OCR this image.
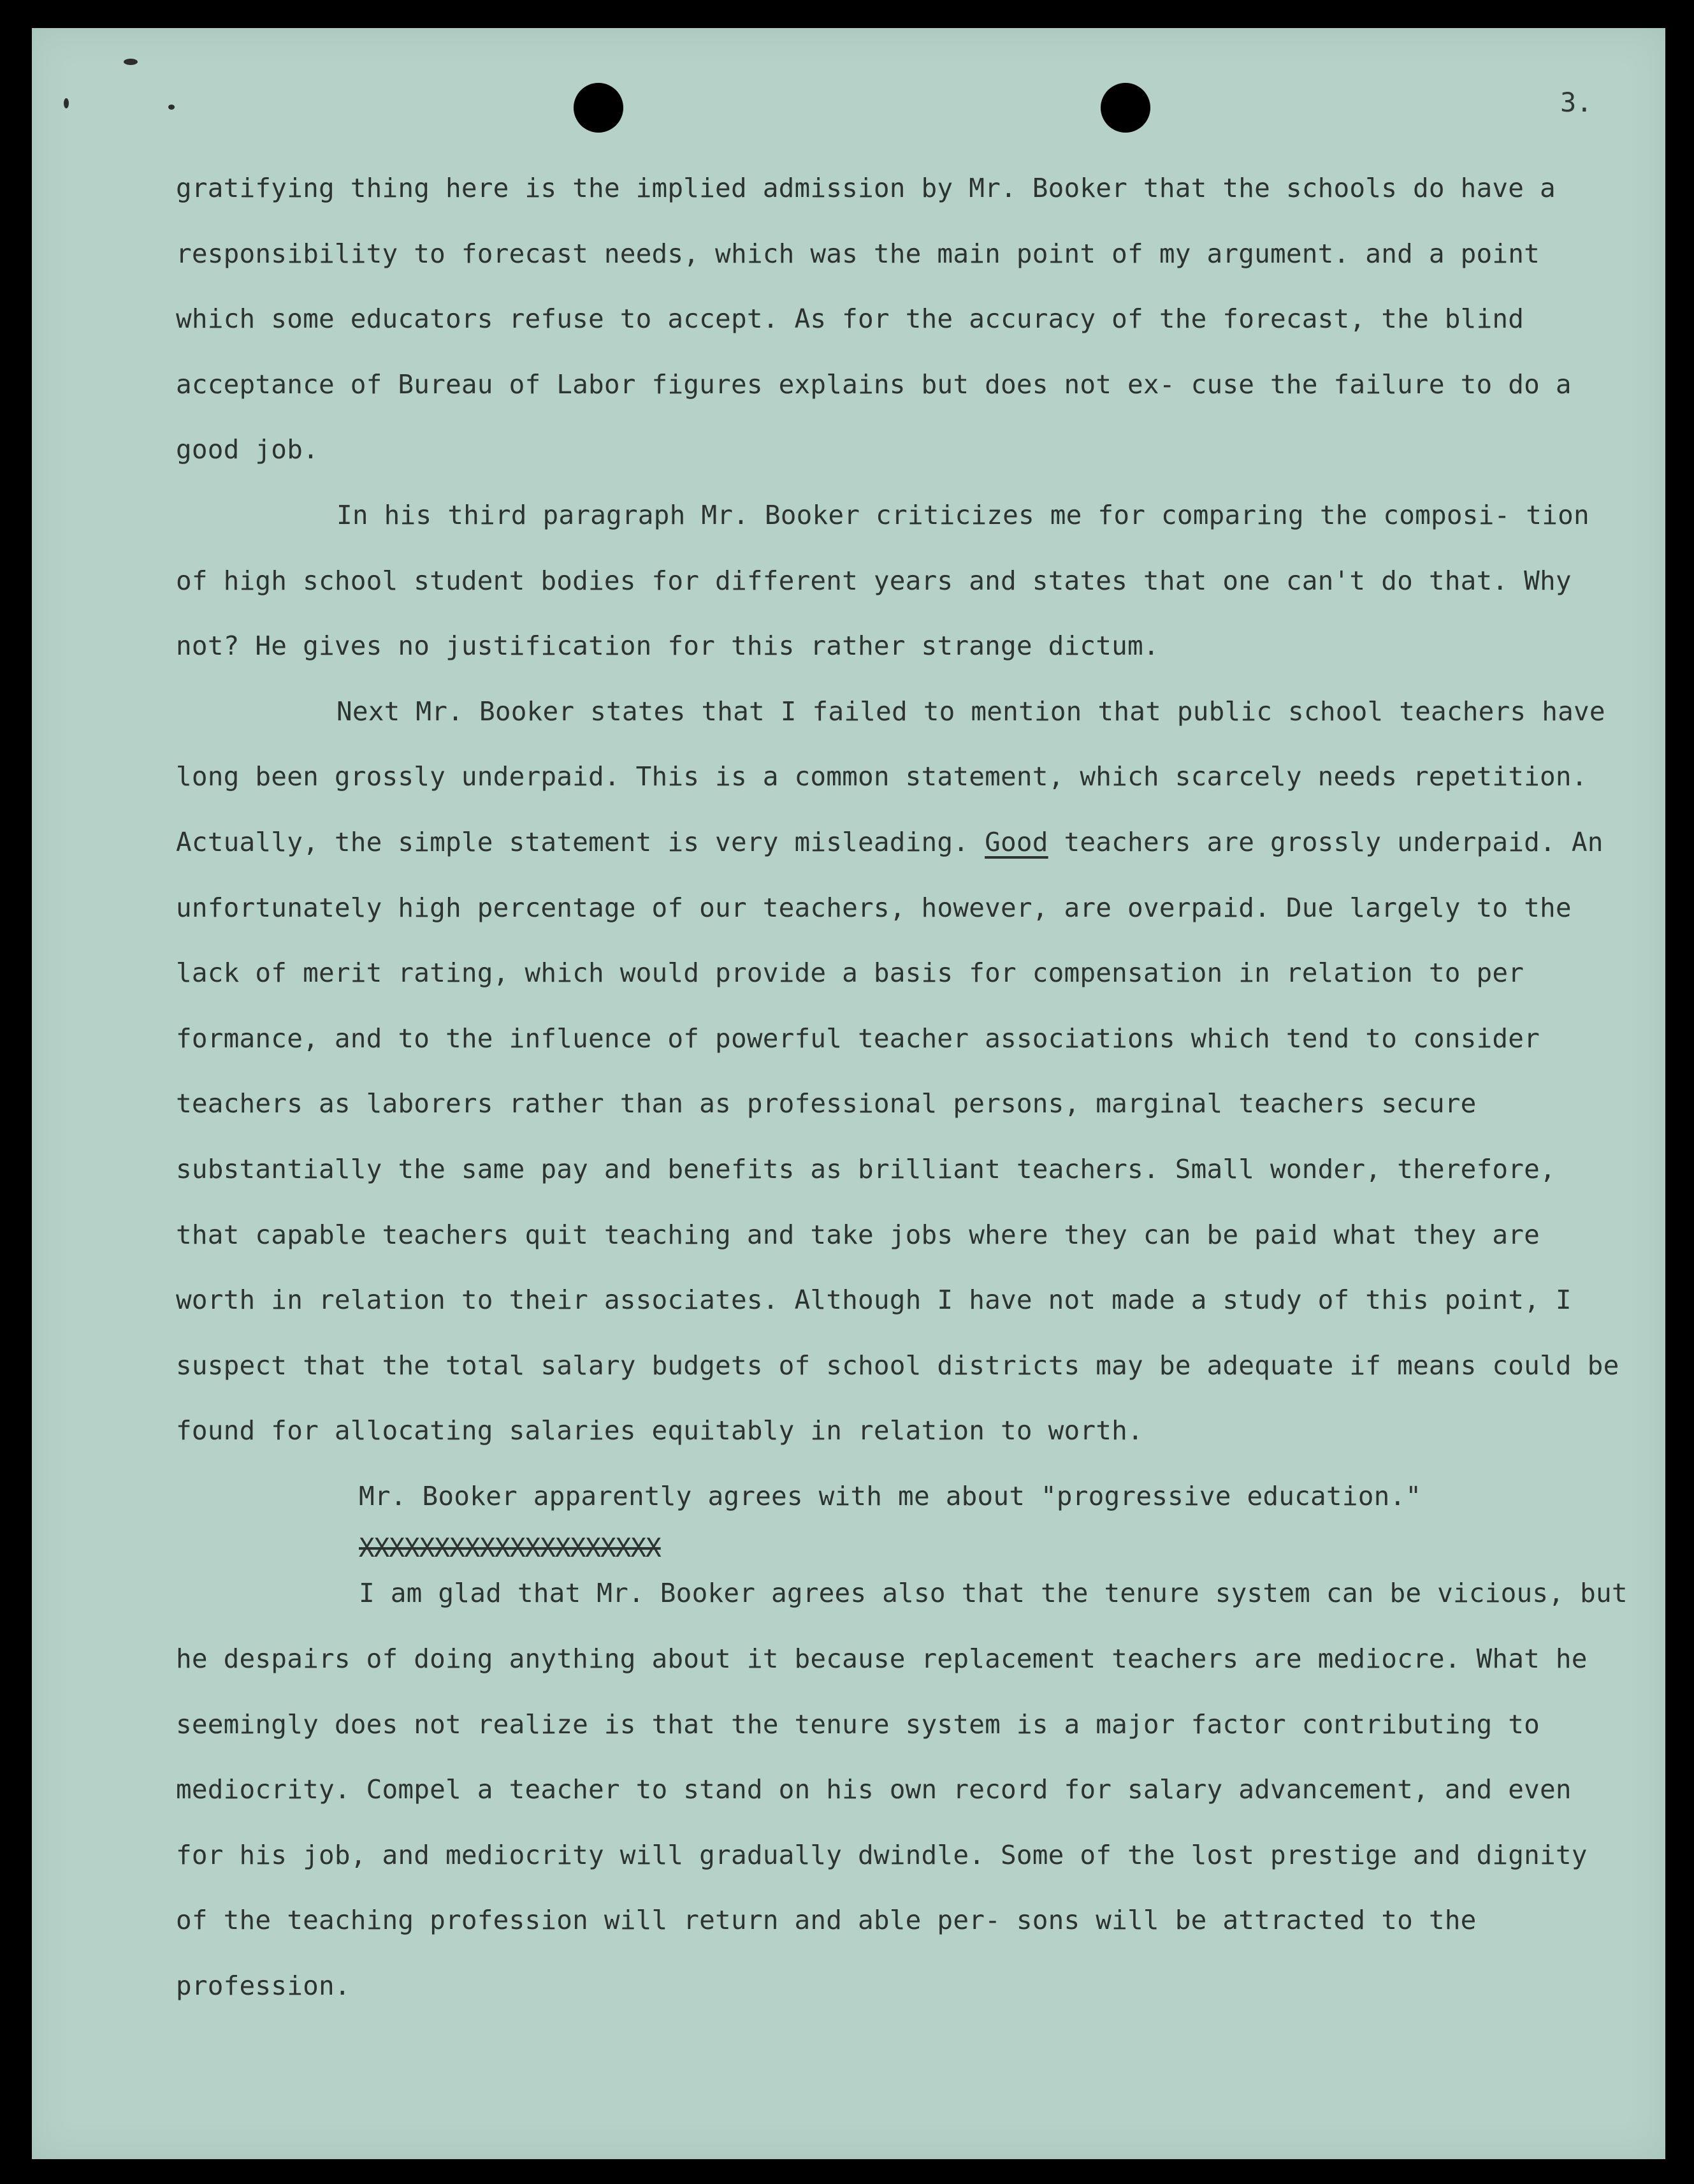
3.

gratifying thing here is the implied admission by Mr. Booker that the schools do have a responsibility to forecast needs, which was the main point of my argument. and a point which some educators refuse to accept. As for the accuracy of the forecast, the blind acceptance of Bureau of Labor figures explains but does not ex- cuse the failure to do a good job.

In his third paragraph Mr. Booker criticizes me for comparing the composi- tion of high school student bodies for different years and states that one can't do that. Why not? He gives no justification for this rather strange dictum.

Next Mr. Booker states that I failed to mention that public school teachers have long been grossly underpaid. This is a common statement, which scarcely needs repetition. Actually, the simple statement is very misleading. Good teachers are grossly underpaid. An unfortunately high percentage of our teachers, however, are overpaid. Due largely to the lack of merit rating, which would provide a basis for compensation in relation to per formance, and to the influence of powerful teacher associations which tend to consider teachers as laborers rather than as professional persons, marginal teachers secure substantially the same pay and benefits as brilliant teachers. Small wonder, therefore, that capable teachers quit teaching and take jobs where they can be paid what they are worth in relation to their associates. Although I have not made a study of this point, I suspect that the total salary budgets of school districts may be adequate if means could be found for allocating salaries equitably in relation to worth.

Mr. Booker apparently agrees with me about "progressive education."

XXXXXXXXXXXXXXXXXXXX

I am glad that Mr. Booker agrees also that the tenure system can be vicious, but he despairs of doing anything about it because replacement teachers are mediocre. What he seemingly does not realize is that the tenure system is a major factor contributing to mediocrity. Compel a teacher to stand on his own record for salary advancement, and even for his job, and mediocrity will gradually dwindle. Some of the lost prestige and dignity of the teaching profession will return and able per- sons will be attracted to the profession.
